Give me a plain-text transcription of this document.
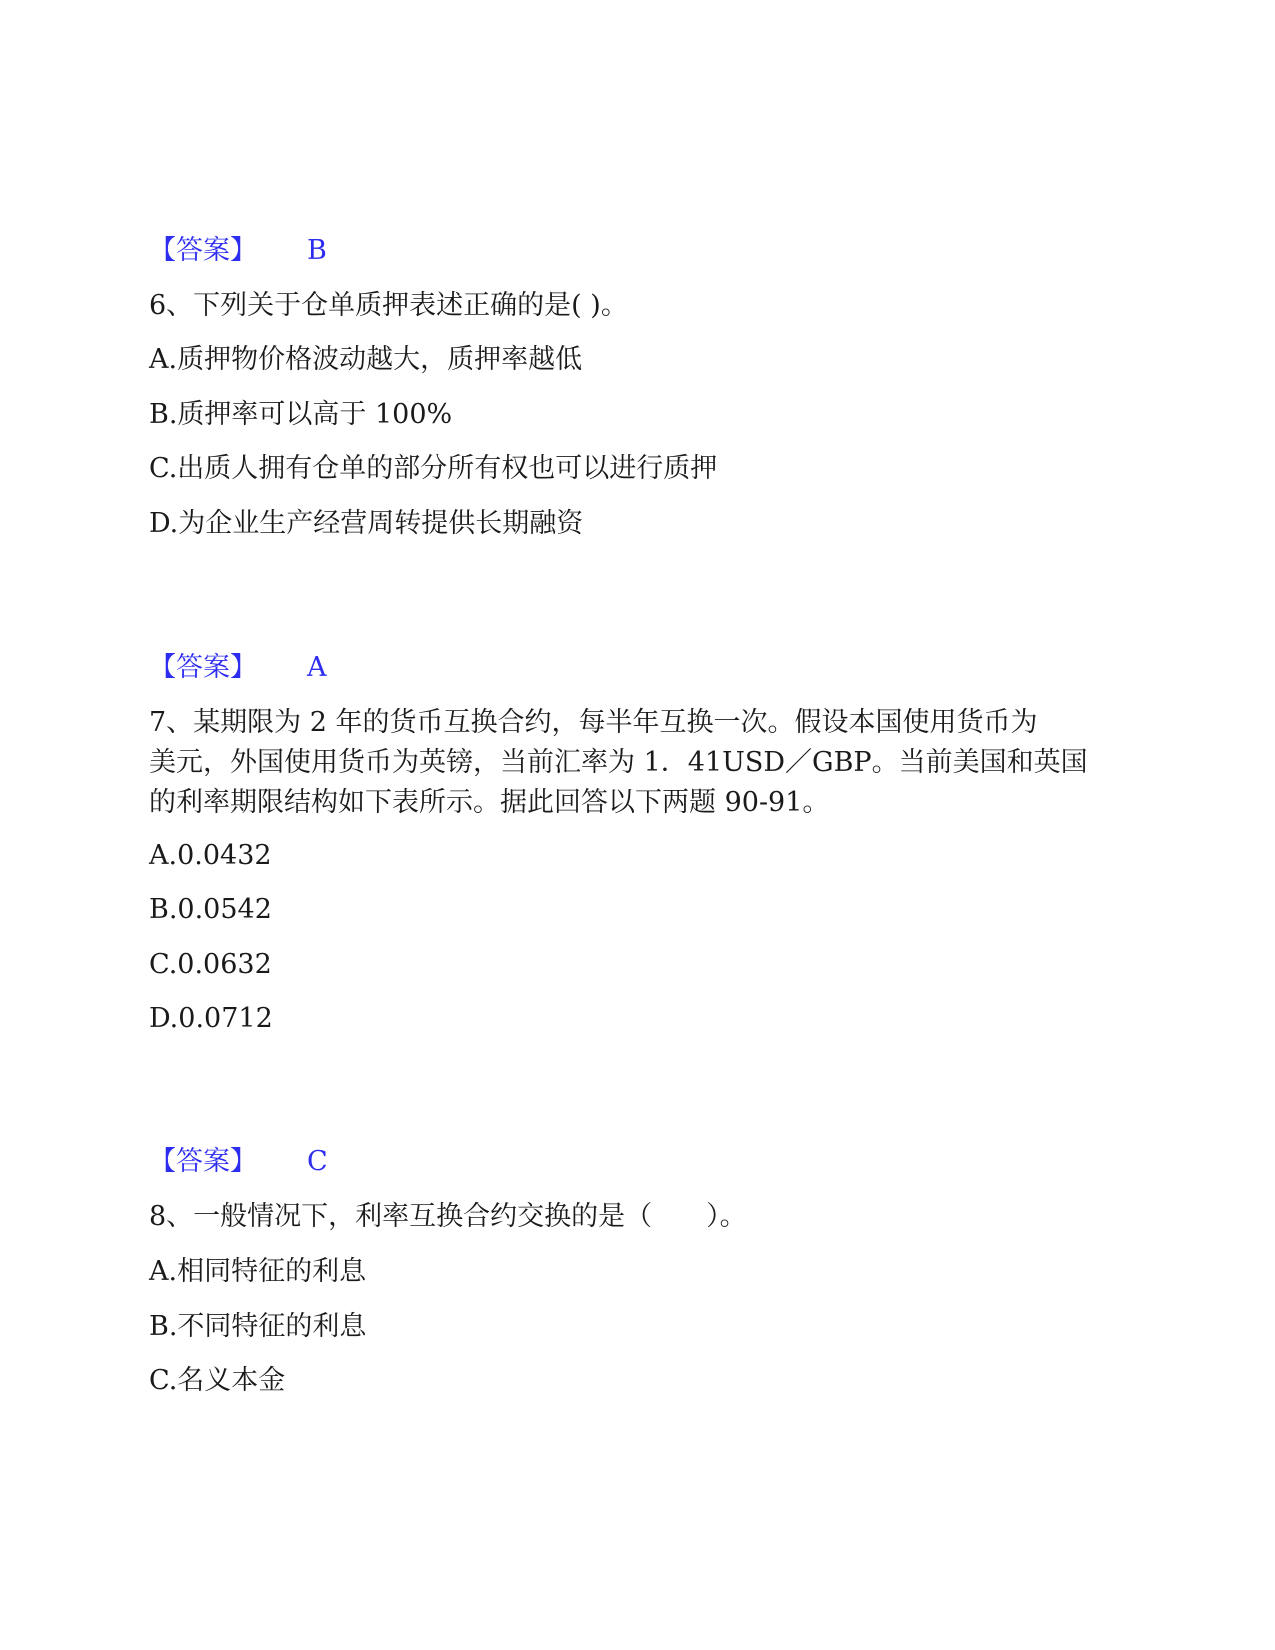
【答案】 B
6、下列关于仓单质押表述正确的是( )。
A.质押物价格波动越大，质押率越低
B.质押率可以高于 100%
C.出质人拥有仓单的部分所有权也可以进行质押
D.为企业生产经营周转提供长期融资
【答案】 A
7、某期限为 2 年的货币互换合约，每半年互换一次。假设本国使用货币为
美元，外国使用货币为英镑，当前汇率为 1．41USD／GBP。当前美国和英国
的利率期限结构如下表所示。据此回答以下两题 90-91。
A.0.0432
B.0.0542
C.0.0632
D.0.0712
【答案】 C
8、一般情况下，利率互换合约交换的是（　　）。
A.相同特征的利息
B.不同特征的利息
C.名义本金
